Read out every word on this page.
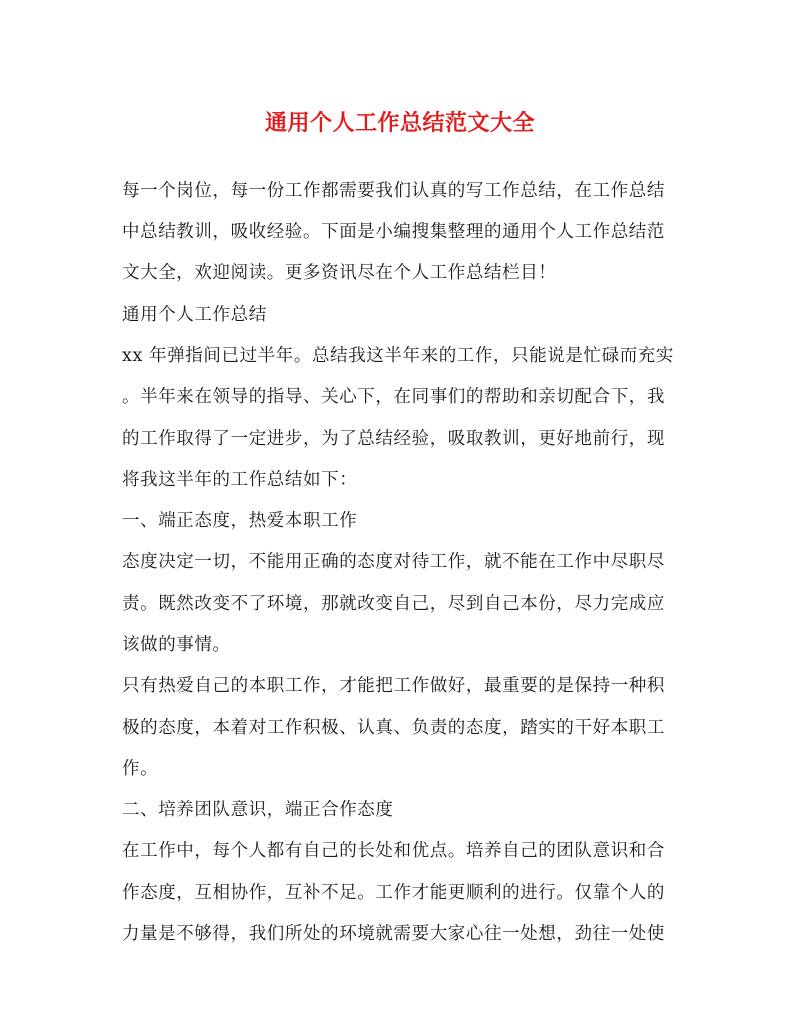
通用个人工作总结范文大全
每一个岗位，每一份工作都需要我们认真的写工作总结，在工作总结
中总结教训，吸收经验。下面是小编搜集整理的通用个人工作总结范
文大全，欢迎阅读。更多资讯尽在个人工作总结栏目！
通用个人工作总结
xx 年弹指间已过半年。总结我这半年来的工作，只能说是忙碌而充实
。半年来在领导的指导、关心下，在同事们的帮助和亲切配合下，我
的工作取得了一定进步，为了总结经验，吸取教训，更好地前行，现
将我这半年的工作总结如下：
一、端正态度，热爱本职工作
态度决定一切，不能用正确的态度对待工作，就不能在工作中尽职尽
责。既然改变不了环境，那就改变自己，尽到自己本份，尽力完成应
该做的事情。
只有热爱自己的本职工作，才能把工作做好，最重要的是保持一种积
极的态度，本着对工作积极、认真、负责的态度，踏实的干好本职工
作。
二、培养团队意识，端正合作态度
在工作中，每个人都有自己的长处和优点。培养自己的团队意识和合
作态度，互相协作，互补不足。工作才能更顺利的进行。仅靠个人的
力量是不够得，我们所处的环境就需要大家心往一处想，劲往一处使
